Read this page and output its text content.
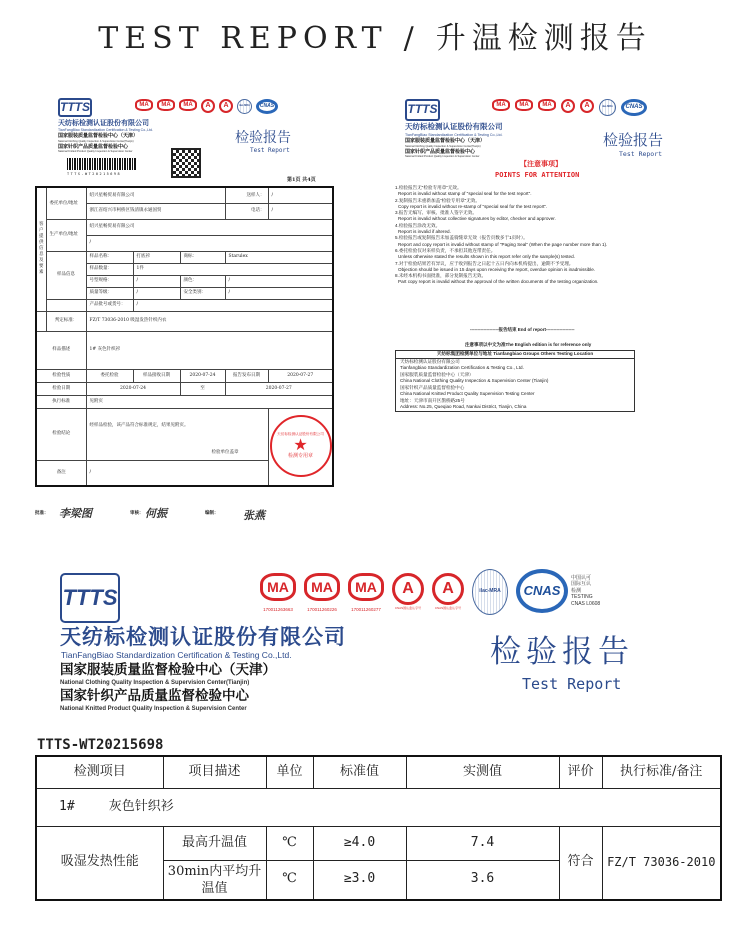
TEST REPORT / 升温检测报告
TTTS	MA	MA	MA	A	A	ilac-MRA	CNAS
天纺标检测认证股份有限公司
TianFangBiao Standardization Certification & Testing Co.,Ltd.
国家服装质量监督检验中心（天津）
National Clothing Quality Inspection & Supervision Center(Tianjin)
国家针织产品质量监督检验中心
National Knitted Product Quality Inspection & Supervision Center
TTTS-WT20215698
检验报告
Test Report
第1页 共4页
客户提供信息及要素	委托单位/地址	绍兴星畅贸易有限公司			送样人：	/
		浙江省绍兴市柯桥区钱清镇永通国贸			电话：	/
	生产单位/地址	绍兴星畅贸易有限公司				
		/				
	样品信息	样品名称：	打底衫	商标：	Starulex	
		样品数量：	1件			
		号型规格：	/	颜色：	/	
		质量等级：	/	安全类别：	/	
		产品批号或货号：	/			
	判定标准：	FZ/T 73036-2010 吸湿发热针织内衣				
样品描述		1# 灰色针织衫				
检验性质		委托检验	样品接收日期	2020-07-24	报告发布日期	2020-07-27
检验日期		2020-07-24		至	2020-07-27	
执行标准		见附页				
检验结论		经样品检验，该产品符合标准规定，结果见附页。
检验单位盖章				天纺标检测认证股份有限公司
★
检测专用章

备注		/				
批准： 李梁图	审核： 何振	编制： 张燕
TTTS	MA	MA	MA	A	A	ilac-MRA	CNAS
天纺标检测认证股份有限公司
TianFangBiao Standardization Certification & Testing Co.,Ltd.
国家服装质量监督检验中心（天津）
National Clothing Quality Inspection & Supervision Center(Tianjin)
国家针织产品质量监督检验中心
National Knitted Product Quality Inspection & Supervision Center
检验报告
Test Report
【注意事项】
POINTS FOR ATTENTION
1.检验报告无“检验专用章”无效。
Report is invalid without stamp of "special seal for the test report".
2.复制报告未重新加盖“检验专用章”无效。
Copy report is invalid without re-stamp of "special seal for the test report".
3.报告无编写、审核、批准人签字无效。
Report is invalid without collective signatures by editor, checker and approver.
4.检验报告涂改无效。
Report is invalid if altered.
5.检验报告或复制报告未加盖骑缝章无效（报告页数多于1页时）。
Report and copy report is invalid without stamp of "Paging Seal" (When the page number more than 1).
6.委托检验仅对来样负责，不承担其他连带责任。
Unless otherwise stated the results shown in this report refer only the sample(s) tested.
7.对于检验结果若有异议，应于收到报告之日起十五日内向本机构提出，逾期不予受理。
Objection should be issued in 15 days upon receiving the report, overdue opinion is inadmissible.
8.未经本机构书面批准，部分复制报告无效。
Part copy report is invalid without the approval of the written documents of the testing organization.
-------------------报告结束 End of report-------------------
注意事项以中文为准The English edition is for reference only
天纺标集团检测单位与地址 Tianfangbiao Groups Others Testing Location
天纺标检测认证股份有限公司
Tianfangbiao Standardization Certification & Testing Co., Ltd.
国家服装质量监督检验中心（天津）
China National Clothing Quality Inspection & Supervision Center (Tianjin)
国家针织产品质量监督检验中心
China National Knitted Product Quality Supervision Testing Center
地址：天津市南开区鹊桥路25号
Address: No.25, Queqiao Road, Nankai District, Tianjin, China
TTTS	MA
170011263663
MA
170011260226
MA
170011260277
A
CNAS国认监认字号
A
CNAS国认监认字号
ilac-MRA	CNAS
中国认可
国际互认
检测
TESTING
CNAS L0608
天纺标检测认证股份有限公司
TianFangBiao Standardization Certification & Testing Co.,Ltd.
国家服装质量监督检验中心（天津）
National Clothing Quality Inspection & Supervision Center(Tianjin)
国家针织产品质量监督检验中心
National Knitted Product Quality Inspection & Supervision Center
检验报告
Test Report
TTTS-WT20215698
检测项目	项目描述	单位	标准值	实测值	评价	执行标准/备注
1# 灰色针织衫						
吸湿发热性能	最高升温值	℃	≥4.0	7.4	符合	FZ/T 73036-2010
	30min内平均升温值	℃	≥3.0	3.6		
